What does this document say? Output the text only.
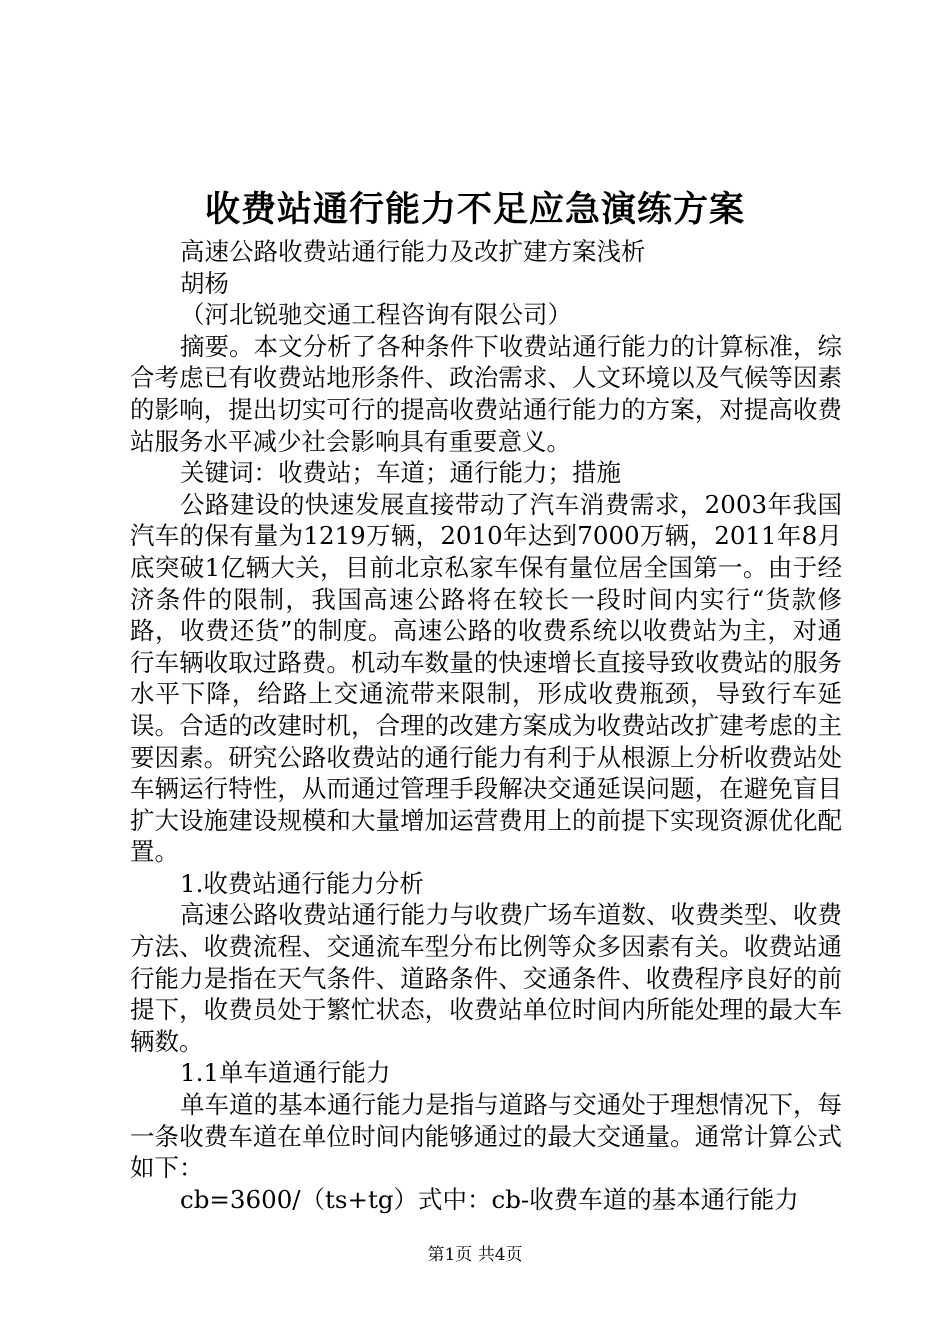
收费站通行能力不足应急演练方案

高速公路收费站通行能力及改扩建方案浅析

胡杨

（河北锐驰交通工程咨询有限公司）

摘要。本文分析了各种条件下收费站通行能力的计算标准，综合考虑已有收费站地形条件、政治需求、人文环境以及气候等因素的影响，提出切实可行的提高收费站通行能力的方案，对提高收费站服务水平减少社会影响具有重要意义。

关键词：收费站；车道；通行能力；措施

公路建设的快速发展直接带动了汽车消费需求，2003年我国汽车的保有量为1219万辆，2010年达到7000万辆，2011年8月底突破1亿辆大关，目前北京私家车保有量位居全国第一。由于经济条件的限制，我国高速公路将在较长一段时间内实行“货款修路，收费还货”的制度。高速公路的收费系统以收费站为主，对通行车辆收取过路费。机动车数量的快速增长直接导致收费站的服务水平下降，给路上交通流带来限制，形成收费瓶颈，导致行车延误。合适的改建时机，合理的改建方案成为收费站改扩建考虑的主要因素。研究公路收费站的通行能力有利于从根源上分析收费站处车辆运行特性，从而通过管理手段解决交通延误问题，在避免盲目扩大设施建设规模和大量增加运营费用上的前提下实现资源优化配置。

1.收费站通行能力分析

高速公路收费站通行能力与收费广场车道数、收费类型、收费方法、收费流程、交通流车型分布比例等众多因素有关。收费站通行能力是指在天气条件、道路条件、交通条件、收费程序良好的前提下，收费员处于繁忙状态，收费站单位时间内所能处理的最大车辆数。

1.1单车道通行能力

单车道的基本通行能力是指与道路与交通处于理想情况下，每一条收费车道在单位时间内能够通过的最大交通量。通常计算公式如下：

cb=3600/（ts+tg）式中：cb-收费车道的基本通行能力

第1页 共4页
